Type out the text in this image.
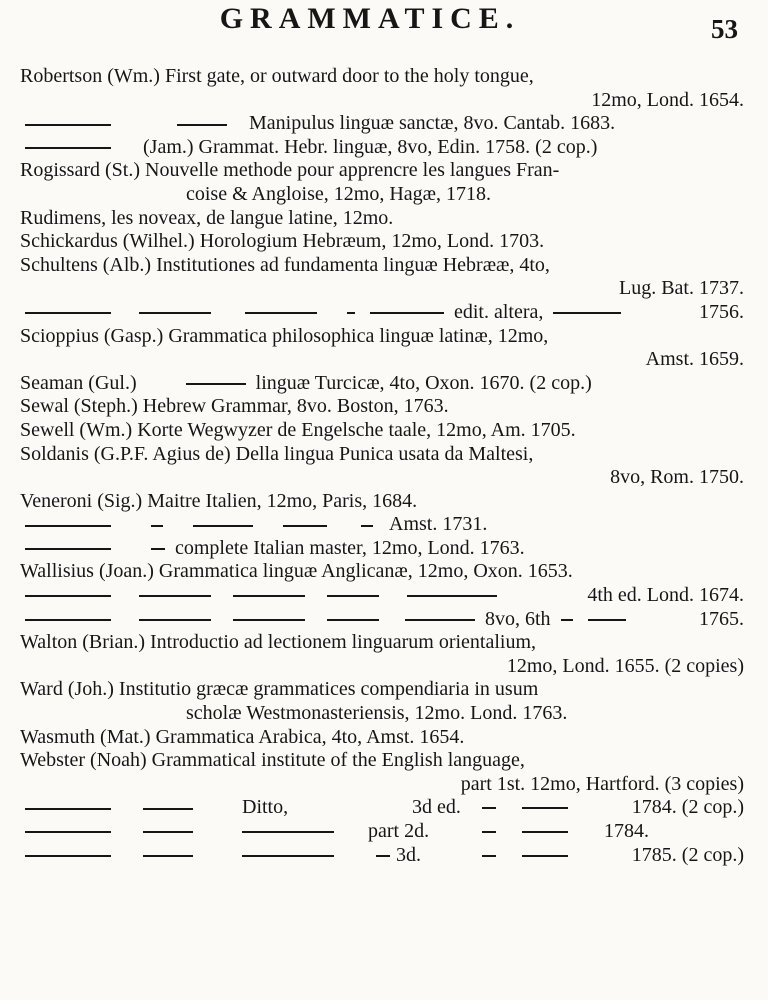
GRAMMATICE.	53
Robertson (Wm.) First gate, or outward door to the holy tongue,
12mo, Lond. 1654.
Manipulus linguæ sanctæ, 8vo. Cantab. 1683.
(Jam.) Grammat. Hebr. linguæ, 8vo, Edin. 1758. (2 cop.)
Rogissard (St.) Nouvelle methode pour apprencre les langues Fran-
coise & Angloise, 12mo, Hagæ, 1718.
Rudimens, les noveax, de langue latine, 12mo.
Schickardus (Wilhel.) Horologium Hebræum, 12mo, Lond. 1703.
Schultens (Alb.) Institutiones ad fundamenta linguæ Hebrææ, 4to,
Lug. Bat. 1737.
edit. altera,	1756.
Scioppius (Gasp.) Grammatica philosophica linguæ latinæ, 12mo,
Amst. 1659.
Seaman (Gul.)	linguæ Turcicæ, 4to, Oxon. 1670. (2 cop.)
Sewal (Steph.) Hebrew Grammar, 8vo. Boston, 1763.
Sewell (Wm.) Korte Wegwyzer de Engelsche taale, 12mo, Am. 1705.
Soldanis (G.P.F. Agius de) Della lingua Punica usata da Maltesi,
8vo, Rom. 1750.
Veneroni (Sig.) Maitre Italien, 12mo, Paris, 1684.
Amst. 1731.
complete Italian master, 12mo, Lond. 1763.
Wallisius (Joan.) Grammatica linguæ Anglicanæ, 12mo, Oxon. 1653.

4th ed. Lond. 1674.
8vo, 6th	1765.
Walton (Brian.) Introductio ad lectionem linguarum orientalium,
12mo, Lond. 1655. (2 copies)
Ward (Joh.) Institutio græcæ grammatices compendiaria in usum
scholæ Westmonasteriensis, 12mo. Lond. 1763.
Wasmuth (Mat.) Grammatica Arabica, 4to, Amst. 1654.
Webster (Noah) Grammatical institute of the English language,
part 1st. 12mo, Hartford. (3 copies)

Ditto,	3d ed.	1784. (2 cop.)

part 2d.	1784.

3d.	1785. (2 cop.)
